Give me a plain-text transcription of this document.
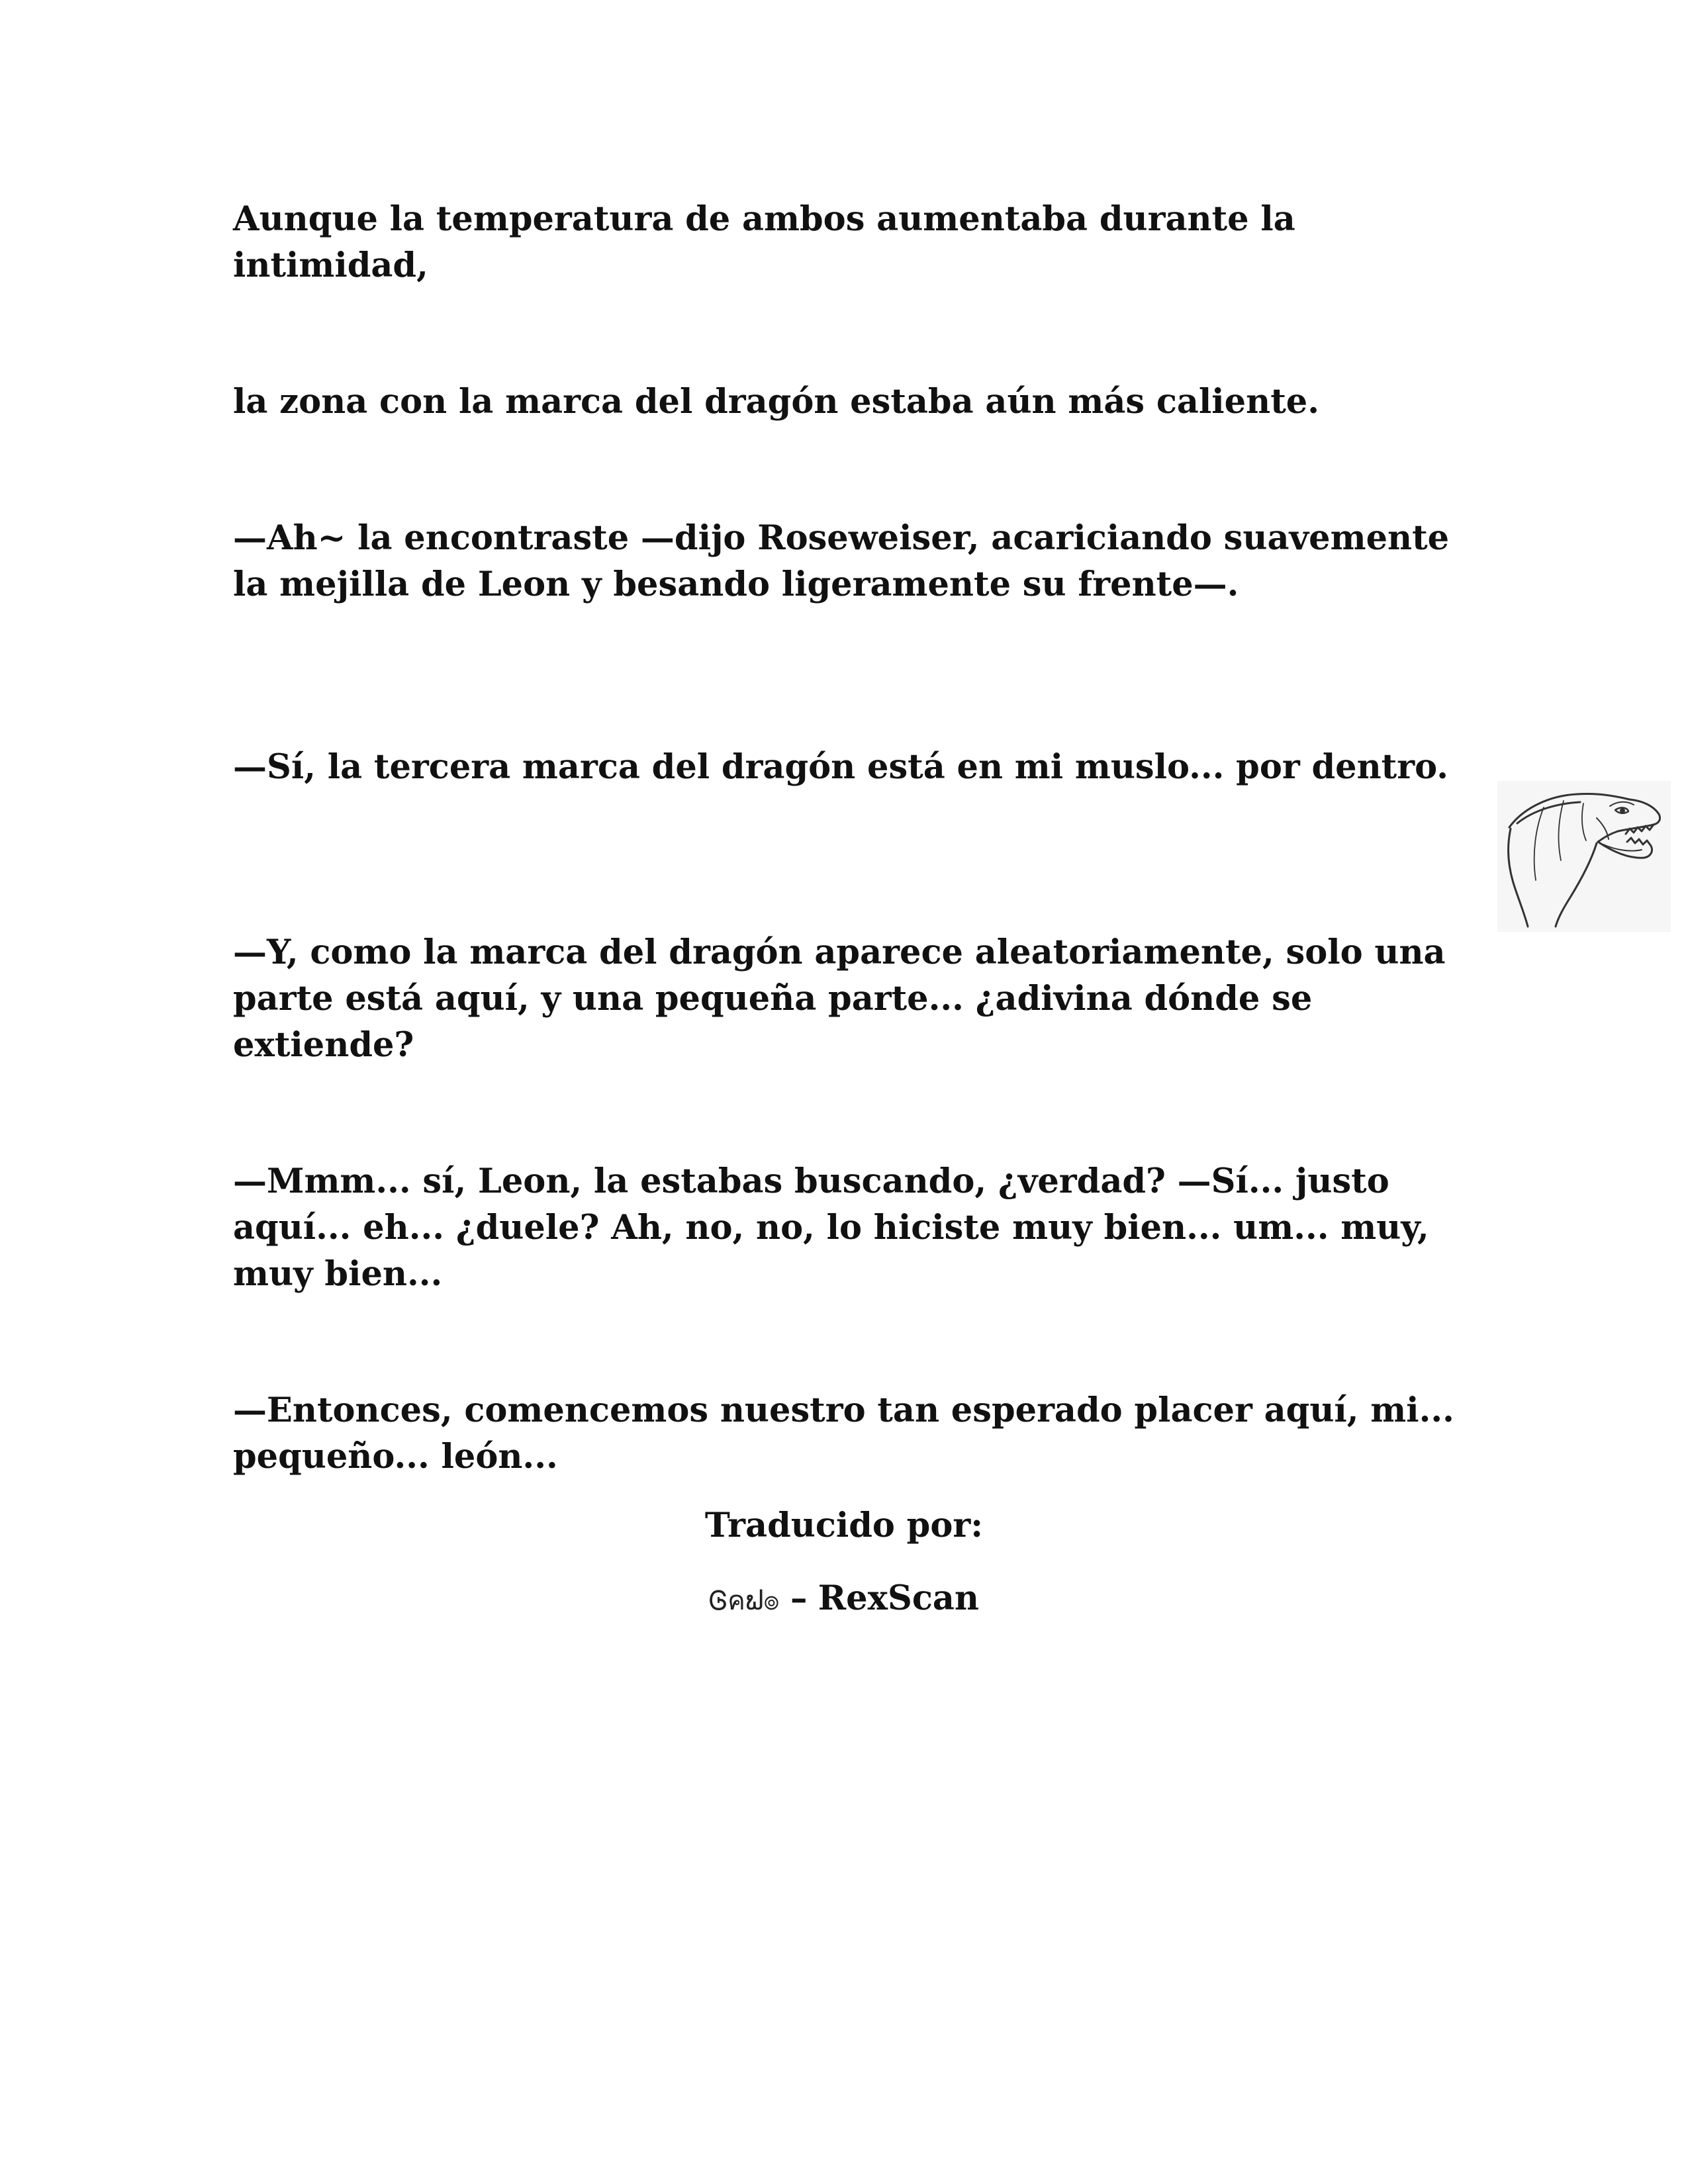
Aunque la temperatura de ambos aumentaba durante la intimidad,

la zona con la marca del dragón estaba aún más caliente.

—Ah~ la encontraste —dijo Roseweiser, acariciando suavemente la mejilla de Leon y besando ligeramente su frente—.

—Sí, la tercera marca del dragón está en mi muslo... por dentro.

—Y, como la marca del dragón aparece aleatoriamente, solo una parte está aquí, y una pequeña parte... ¿adivina dónde se extiende?

—Mmm... sí, Leon, la estabas buscando, ¿verdad? —Sí... justo aquí... eh... ¿duele? Ah, no, no, lo hiciste muy bien... um... muy, muy bien...

—Entonces, comencemos nuestro tan esperado placer aquí, mi... pequeño... león...

Traducido por:

Ꮆคຟ๏ – RexScan
